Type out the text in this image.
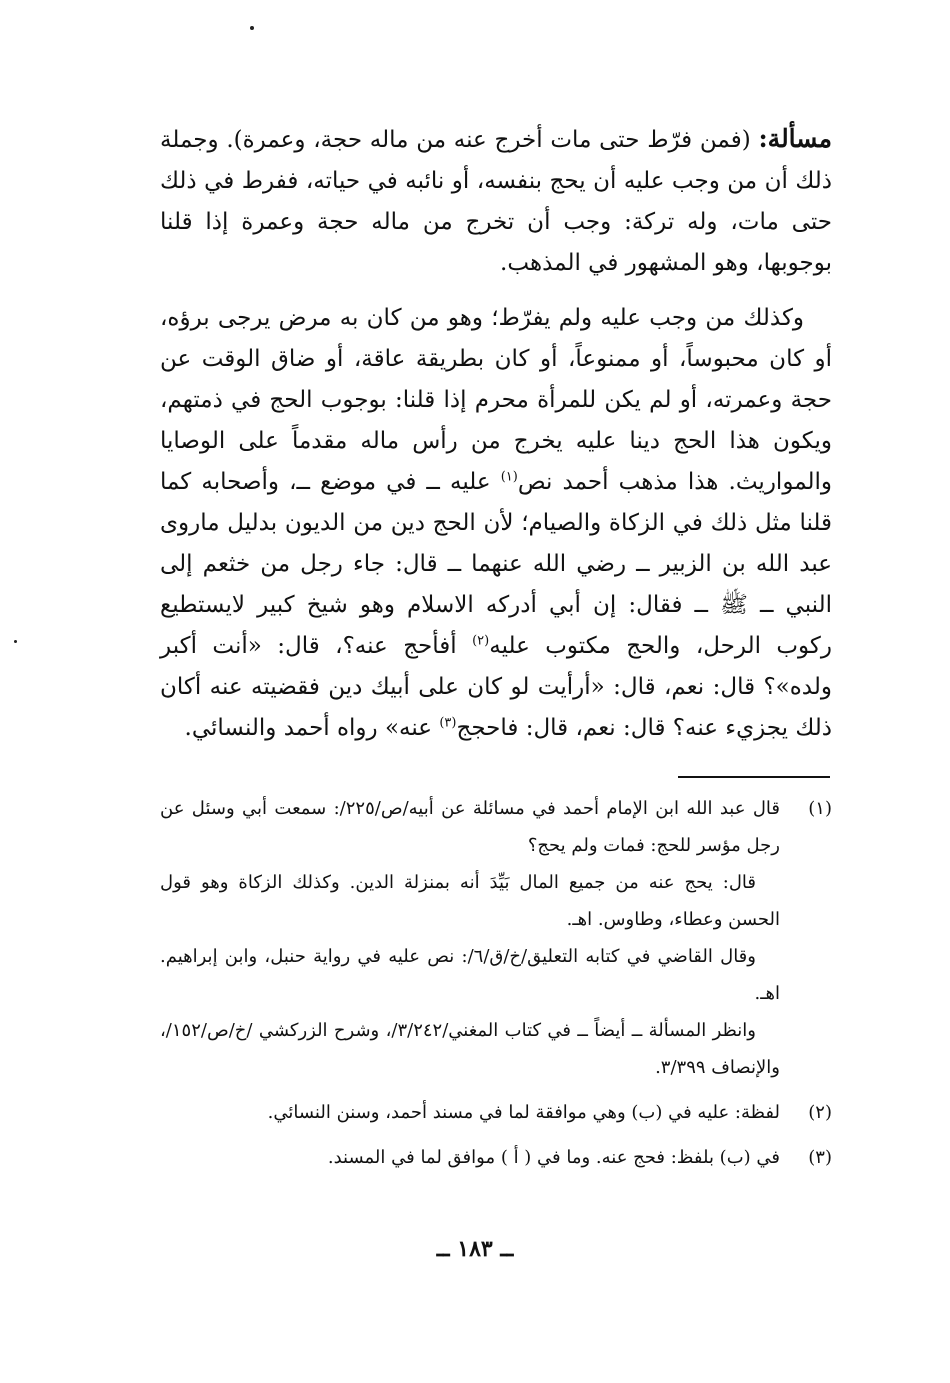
مسألة: (فمن فرّط حتى مات أخرج عنه من ماله حجة، وعمرة). وجملة ذلك أن من وجب عليه أن يحج بنفسه، أو نائبه في حياته، ففرط في ذلك حتى مات، وله تركة: وجب أن تخرج من ماله حجة وعمرة إذا قلنا بوجوبها، وهو المشهور في المذهب.

وكذلك من وجب عليه ولم يفرّط؛ وهو من كان به مرض يرجى برؤه، أو كان محبوساً، أو ممنوعاً، أو كان بطريقة عاقة، أو ضاق الوقت عن حجة وعمرته، أو لم يكن للمرأة محرم إذا قلنا: بوجوب الحج في ذمتهم، ويكون هذا الحج دينا عليه يخرج من رأس ماله مقدماً على الوصايا والمواريث. هذا مذهب أحمد نص$^{(١)}$ عليه ــ في موضع ــ، وأصحابه كما قلنا مثل ذلك في الزكاة والصيام؛ لأن الحج دين من الديون بدليل ماروى عبد الله بن الزبير ــ رضي الله عنهما ــ قال: جاء رجل من خثعم إلى النبي ــ ﷺ ــ فقال: إن أبي أدركه الاسلام وهو شيخ كبير لايستطيع ركوب الرحل، والحج مكتوب عليه$^{(٢)}$ أفأحج عنه؟، قال: «أنت أكبر ولده»؟ قال: نعم، قال: «أرأيت لو كان على أبيك دين فقضيته عنه أكان ذلك يجزيء عنه؟ قال: نعم، قال: فاحجج$^{(٣)}$ عنه» رواه أحمد والنسائي.

(١)

قال عبد الله ابن الإمام أحمد في مسائلة عن أبيه/ص/٢٢٥/: سمعت أبي وسئل عن رجل مؤسر للحج: فمات ولم يحج؟

قال: يحج عنه من جميع المال بَيِّدَ أنه بمنزلة الدين. وكذلك الزكاة وهو قول الحسن وعطاء، وطاوس. اهـ.

وقال القاضي في كتابه التعليق/خ/ق/٦/: نص عليه في رواية حنبل، وابن إبراهيم. اهـ.

وانظر المسألة ــ أيضاً ــ في كتاب المغني/٣/٢٤٢/، وشرح الزركشي /خ/ص/١٥٢/، والإنصاف ٣/٣٩٩.

(٢)

لفظة: عليه في (ب) وهي موافقة لما في مسند أحمد، وسنن النسائي.

(٣)

في (ب) بلفظ: فحج عنه. وما في ( أ ) موافق لما في المسند.

ــ ١٨٣ ــ
